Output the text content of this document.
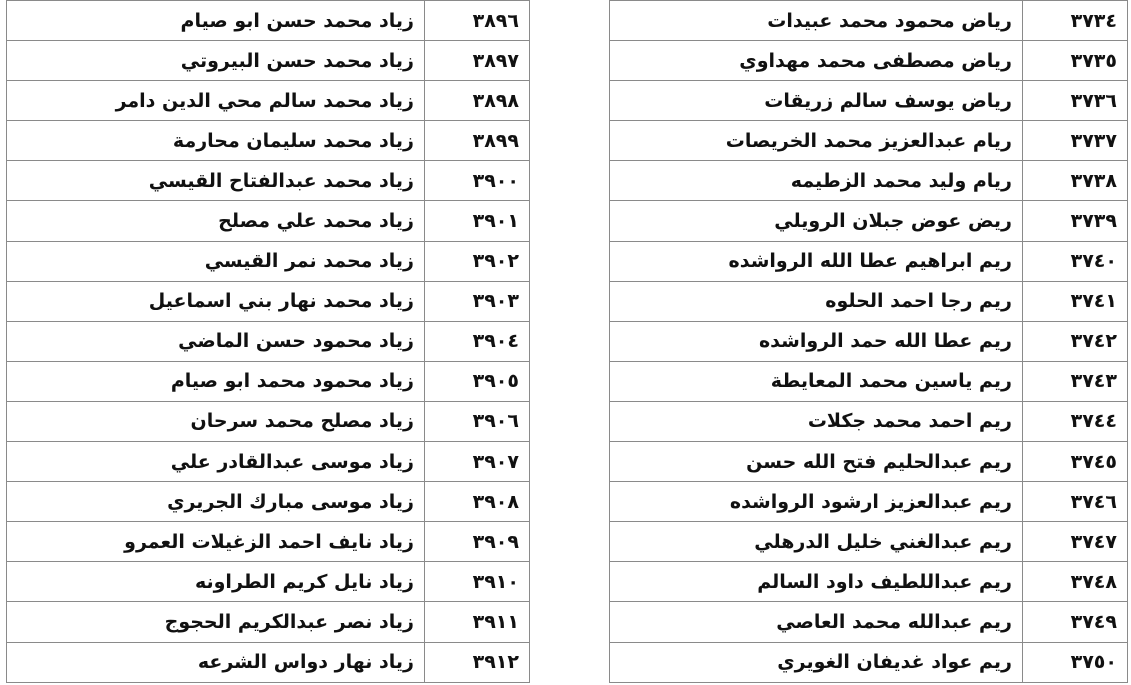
زياد محمد حسن ابو صيام	٣٨٩٦
زياد محمد حسن البيروتي	٣٨٩٧
زياد محمد سالم محي الدين دامر	٣٨٩٨
زياد محمد سليمان محارمة	٣٨٩٩
زياد محمد عبدالفتاح القيسي	٣٩٠٠
زياد محمد علي مصلح	٣٩٠١
زياد محمد نمر القيسي	٣٩٠٢
زياد محمد نهار بني اسماعيل	٣٩٠٣
زياد محمود حسن الماضي	٣٩٠٤
زياد محمود محمد ابو صيام	٣٩٠٥
زياد مصلح محمد سرحان	٣٩٠٦
زياد موسى عبدالقادر علي	٣٩٠٧
زياد موسى مبارك الجريري	٣٩٠٨
زياد نايف احمد الزغيلات العمرو	٣٩٠٩
زياد نايل كريم الطراونه	٣٩١٠
زياد نصر عبدالكريم الحجوج	٣٩١١
زياد نهار دواس الشرعه	٣٩١٢
رياض محمود محمد عبيدات	٣٧٣٤
رياض مصطفى محمد مهداوي	٣٧٣٥
رياض يوسف سالم زريقات	٣٧٣٦
ريام عبدالعزيز محمد الخريصات	٣٧٣٧
ريام وليد محمد الزطيمه	٣٧٣٨
ريض عوض جبلان الرويلي	٣٧٣٩
ريم ابراهيم عطا الله الرواشده	٣٧٤٠
ريم رجا احمد الحلوه	٣٧٤١
ريم عطا الله حمد الرواشده	٣٧٤٢
ريم ياسين محمد المعايطة	٣٧٤٣
ريم احمد محمد جكلات	٣٧٤٤
ريم عبدالحليم فتح الله حسن	٣٧٤٥
ريم عبدالعزيز ارشود الرواشده	٣٧٤٦
ريم عبدالغني خليل الدرهلي	٣٧٤٧
ريم عبداللطيف داود السالم	٣٧٤٨
ريم عبدالله محمد العاصي	٣٧٤٩
ريم عواد غديفان الغويري	٣٧٥٠
